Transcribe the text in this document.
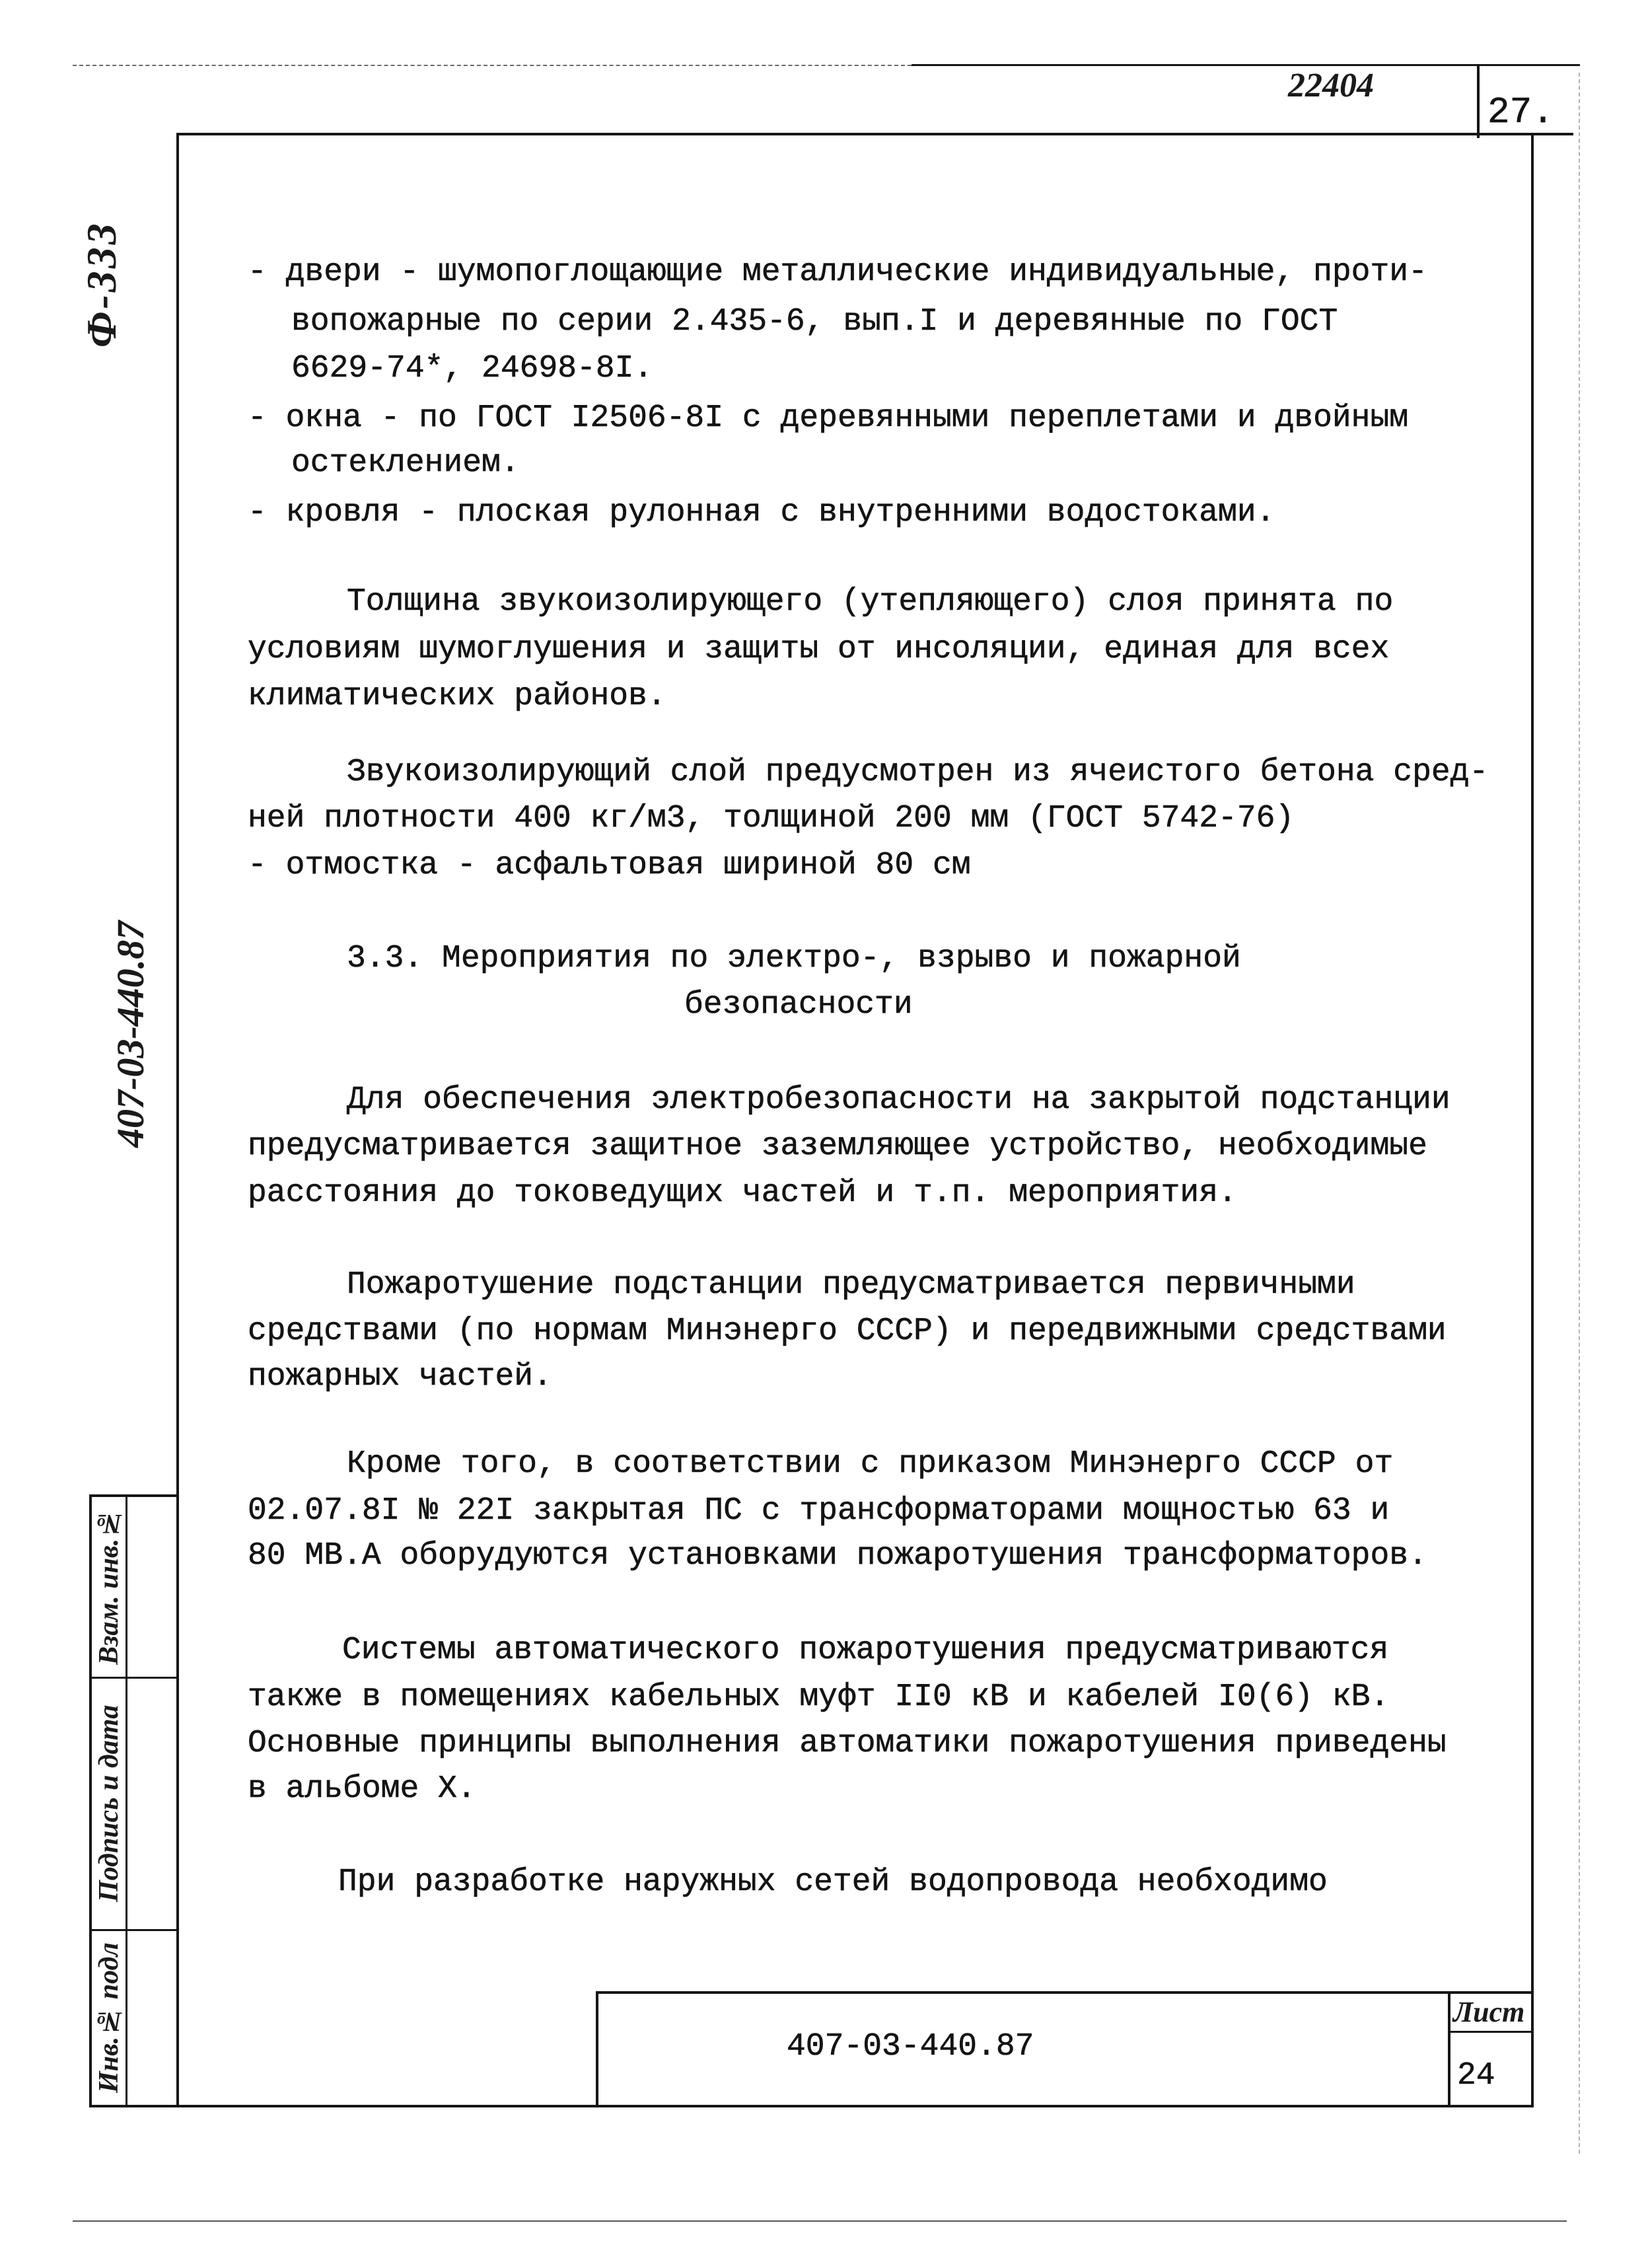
22404
27.
Ф-333
407-03-440.87
Взам. инв.№
Подпись и дата
Инв.№ подл
- двери - шумопоглощающие металлические индивидуальные, проти-
вопожарные по серии 2.435-6, вып.I и деревянные по ГОСТ
6629-74*, 24698-8I.
- окна - по ГОСТ I2506-8I с деревянными переплетами и двойным
остеклением.
- кровля - плоская рулонная с внутренними водостоками.
Толщина звукоизолирующего (утепляющего) слоя принята по
условиям шумоглушения и защиты от инсоляции, единая для всех
климатических районов.
Звукоизолирующий слой предусмотрен из ячеистого бетона сред-
ней плотности 400 кг/м3, толщиной 200 мм (ГОСТ 5742-76)
- отмостка - асфальтовая шириной 80 см
3.3. Мероприятия по электро-, взрыво и пожарной
безопасности
Для обеспечения электробезопасности на закрытой подстанции
предусматривается защитное заземляющее устройство, необходимые
расстояния до токоведущих частей и т.п. мероприятия.
Пожаротушение подстанции предусматривается первичными
средствами (по нормам Минэнерго СССР) и передвижными средствами
пожарных частей.
Кроме того, в соответствии с приказом Минэнерго СССР от
02.07.8I № 22I закрытая ПС с трансформаторами мощностью 63 и
80 МВ.А оборудуются установками пожаротушения трансформаторов.
Системы автоматического пожаротушения предусматриваются
также в помещениях кабельных муфт II0 кВ и кабелей I0(6) кВ.
Основные принципы выполнения автоматики пожаротушения приведены
в альбоме Х.
При разработке наружных сетей водопровода необходимо
407-03-440.87
Лист
24
